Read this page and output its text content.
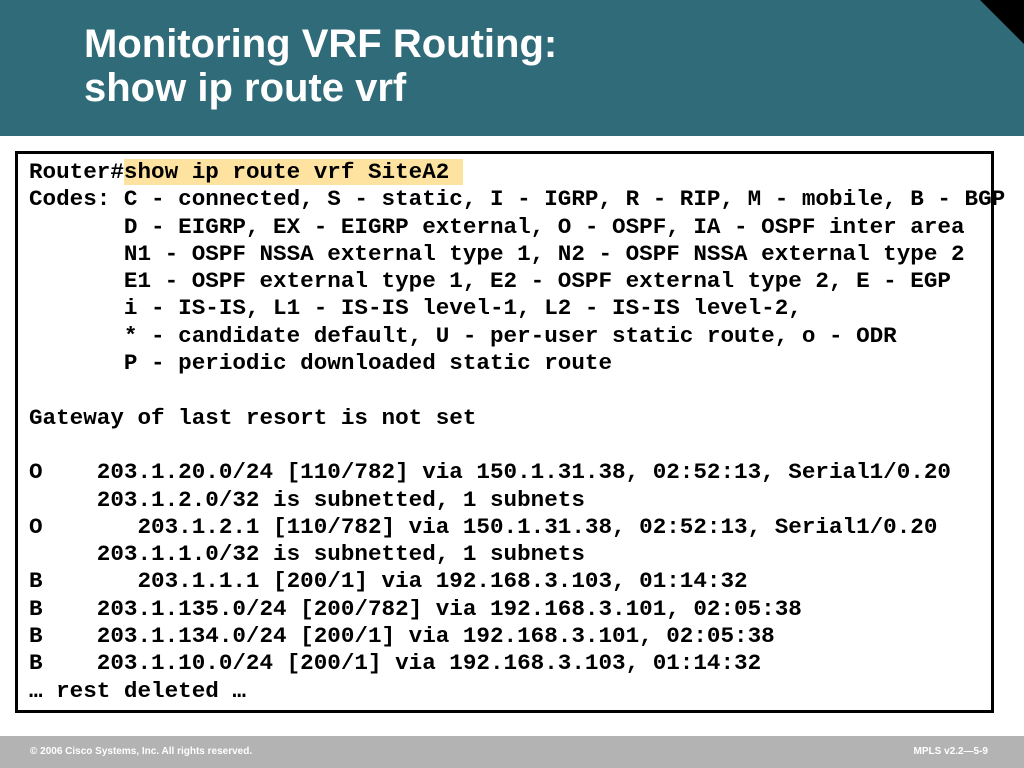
Monitoring VRF Routing:
show ip route vrf
Router#show ip route vrf SiteA2
Codes: C - connected, S - static, I - IGRP, R - RIP, M - mobile, B - BGP
D - EIGRP, EX - EIGRP external, O - OSPF, IA - OSPF inter area
N1 - OSPF NSSA external type 1, N2 - OSPF NSSA external type 2
E1 - OSPF external type 1, E2 - OSPF external type 2, E - EGP
i - IS-IS, L1 - IS-IS level-1, L2 - IS-IS level-2,
* - candidate default, U - per-user static route, o - ODR
P - periodic downloaded static route

Gateway of last resort is not set

O    203.1.20.0/24 [110/782] via 150.1.31.38, 02:52:13, Serial1/0.20
203.1.2.0/32 is subnetted, 1 subnets
O       203.1.2.1 [110/782] via 150.1.31.38, 02:52:13, Serial1/0.20
203.1.1.0/32 is subnetted, 1 subnets
B       203.1.1.1 [200/1] via 192.168.3.103, 01:14:32
B    203.1.135.0/24 [200/782] via 192.168.3.101, 02:05:38
B    203.1.134.0/24 [200/1] via 192.168.3.101, 02:05:38
B    203.1.10.0/24 [200/1] via 192.168.3.103, 01:14:32
… rest deleted …
© 2006 Cisco Systems, Inc. All rights reserved.	MPLS v2.2—5-9
